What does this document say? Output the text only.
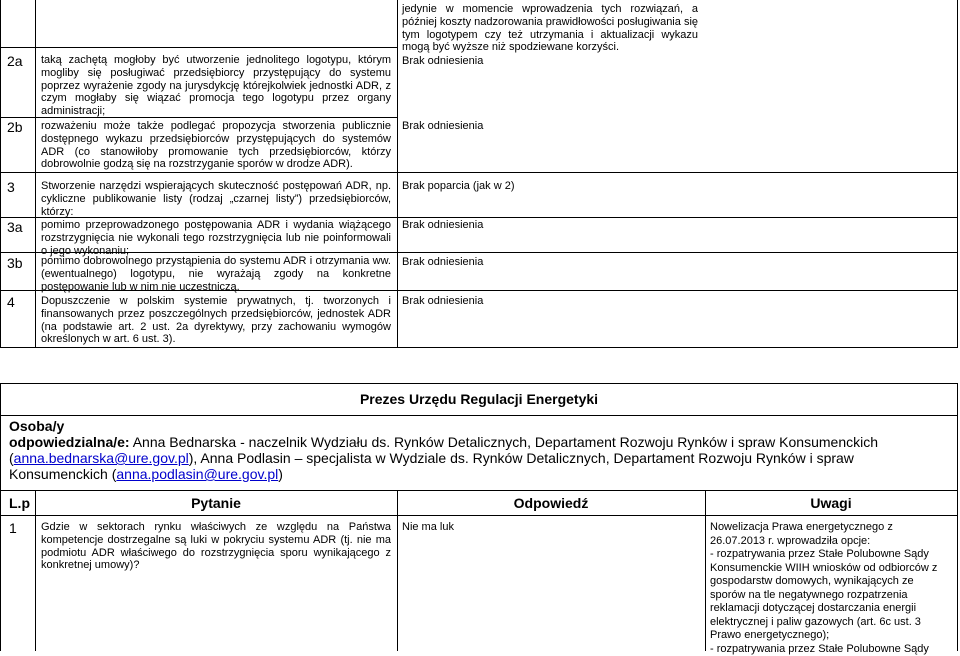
jedynie w momencie wprowadzenia tych rozwiązań, a później koszty nadzorowania prawidłowości posługiwania się tym logotypem czy też utrzymania i aktualizacji wykazu mogą być wyższe niż spodziewane korzyści.
2a taką zachętą mogłoby być utworzenie jednolitego logotypu, którym mogliby się posługiwać przedsiębiorcy przystępujący do systemu poprzez wyrażenie zgody na jurysdykcję którejkolwiek jednostki ADR, z czym mogłaby się wiązać promocja tego logotypu przez organy administracji;
Brak odniesienia
2b rozważeniu może także podlegać propozycja stworzenia publicznie dostępnego wykazu przedsiębiorców przystępujących do systemów ADR (co stanowiłoby promowanie tych przedsiębiorców, którzy dobrowolnie godzą się na rozstrzyganie sporów w drodze ADR).
Brak odniesienia
3 Stworzenie narzędzi wspierających skuteczność postępowań ADR, np. cykliczne publikowanie listy (rodzaj „czarnej listy”) przedsiębiorców, którzy:
Brak poparcia (jak w 2)
3a pomimo przeprowadzonego postępowania ADR i wydania wiążącego rozstrzygnięcia nie wykonali tego rozstrzygnięcia lub nie poinformowali o jego wykonaniu;
Brak odniesienia
3b pomimo dobrowolnego przystąpienia do systemu ADR i otrzymania ww. (ewentualnego) logotypu, nie wyrażają zgody na konkretne postępowanie lub w nim nie uczestniczą.
Brak odniesienia
4 Dopuszczenie w polskim systemie prywatnych, tj. tworzonych i finansowanych przez poszczególnych przedsiębiorców, jednostek ADR (na podstawie art. 2 ust. 2a dyrektywy, przy zachowaniu wymogów określonych w art. 6 ust. 3).
Brak odniesienia
Prezes Urzędu Regulacji Energetyki
Osoba/y
odpowiedzialna/e: Anna Bednarska - naczelnik Wydziału ds. Rynków Detalicznych, Departament Rozwoju Rynków i spraw Konsumenckich (anna.bednarska@ure.gov.pl), Anna Podlasin – specjalista w Wydziale ds. Rynków Detalicznych, Departament Rozwoju Rynków i spraw Konsumenckich (anna.podlasin@ure.gov.pl)
L.p	Pytanie	Odpowiedź	Uwagi
1 Gdzie w sektorach rynku właściwych ze względu na Państwa kompetencje dostrzegalne są luki w pokryciu systemu ADR (tj. nie ma podmiotu ADR właściwego do rozstrzygnięcia sporu wynikającego z konkretnej umowy)?
Nie ma luk	Nowelizacja Prawa energetycznego z 26.07.2013 r. wprowadziła opcje:
- rozpatrywania przez Stałe Polubowne Sądy Konsumenckie WIIH wniosków od odbiorców z gospodarstw domowych, wynikających ze sporów na tle negatywnego rozpatrzenia reklamacji dotyczącej dostarczania energii elektrycznej i paliw gazowych (art. 6c ust. 3 Prawo energetycznego);
- rozpatrywania przez Stałe Polubowne Sądy
